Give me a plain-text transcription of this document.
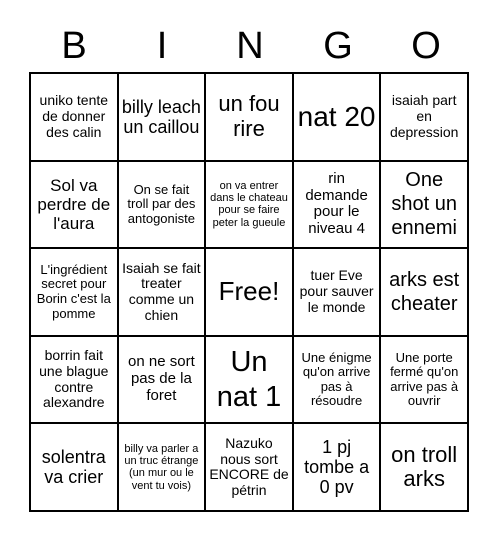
B	I	N	G	O
uniko tente de donner des calin
billy leach un caillou
un fou rire	nat 20
isaiah part en depression
Sol va perdre de l'aura
On se fait troll par des antogoniste
on va entrer dans le chateau pour se faire peter la gueule
rin demande pour le niveau 4
One shot un ennemi
L'ingrédient secret pour Borin c'est la pomme
Isaiah se fait treater comme un chien
Free!
tuer Eve pour sauver le monde
arks est cheater
borrin fait une blague contre alexandre
on ne sort pas de la foret
Un nat 1
Une énigme qu'on arrive pas à résoudre
Une porte fermé qu'on arrive pas à ouvrir
solentra va crier
billy va parler a un truc étrange (un mur ou le vent tu vois)
Nazuko nous sort ENCORE de pétrin
1 pj tombe a 0 pv
on troll arks
